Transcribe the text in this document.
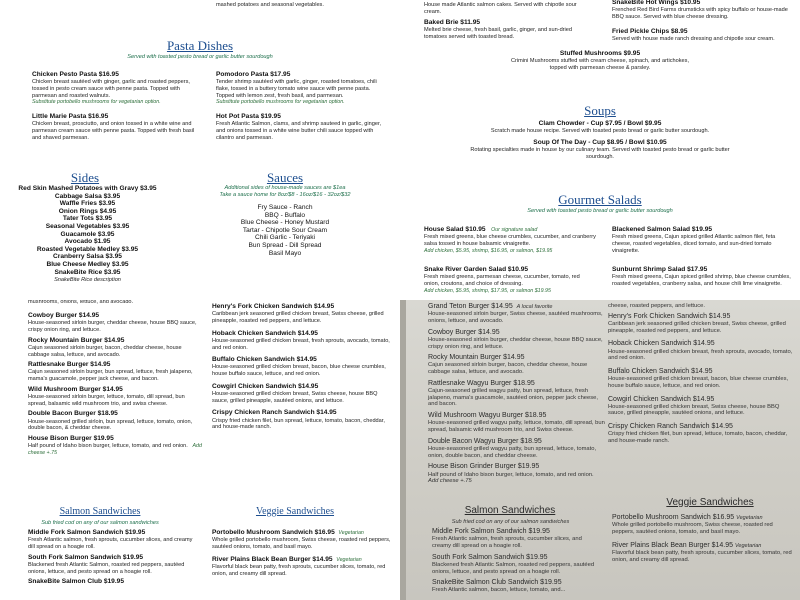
mashed potatoes and seasonal vegetables.
Pasta Dishes
Served with toasted pesto bread or garlic butter sourdough
Chicken Pesto Pasta $16.95
Chicken breast sautéed with ginger, garlic and roasted peppers, tossed in pesto cream sauce with penne pasta. Topped with parmesan and roasted walnuts.
Substitute portobello mushrooms for vegetarian option.
Pomodoro Pasta $17.95
Tender shrimp sautéed with garlic, ginger, roasted tomatoes, chili flake, tossed in a buttery tomato wine sauce with penne pasta. Topped with lemon zest, fresh basil, and parmesan.
Substitute portobello mushrooms for vegetarian option.
Little Marie Pasta $16.95
Chicken breast, prosciutto, and onion tossed in a white wine and parmesan cream sauce with penne pasta. Topped with fresh basil and shaved parmesan.
Hot Pot Pasta $19.95
Fresh Atlantic Salmon, clams, and shrimp sauteed in garlic, ginger, and onions tossed in a white wine butter chili sauce topped with cilantro and parmesan.
Sides
Red Skin Mashed Potatoes with Gravy $3.95
Cabbage Salsa $3.95
Waffle Fries $3.95
Onion Rings $4.95
Tater Tots $3.95
Seasonal Vegetables $3.95
Guacamole $3.95
Avocado $1.95
Roasted Vegetable Medley $3.95
Cranberry Salsa $3.95
Blue Cheese Medley $3.95
SnakeBite Rice $3.95
SnakeBite Rice description
Sauces
Additional sides of house-made sauces are $1ea
Take a sauce home for 8oz/$8 - 16oz/$16 - 32oz/$32
Fry Sauce - Ranch
BBQ - Buffalo
Blue Cheese - Honey Mustard
Tartar - Chipotle Sour Cream
Chili Garlic - Teriyaki
Bun Spread - Dill Spread
Basil Mayo
House made Atlantic salmon cakes. Served with chipotle sour cream.
Baked Brie $11.95
Melted brie cheese, fresh basil, garlic, ginger, and sun-dried tomatoes served with toasted bread.
SnakeBite Hot Wings $10.95
Frenched Red Bird Farms drumsticks with spicy buffalo or house-made BBQ sauce. Served with blue cheese dressing.
Fried Pickle Chips $8.95
Served with house made ranch dressing and chipotle sour cream.
Stuffed Mushrooms $9.95
Crimini Mushrooms stuffed with cream cheese, spinach, and artichokes, topped with parmesan cheese & parsley.
Soups
Clam Chowder - Cup $7.95 / Bowl $9.95
Scratch made house recipe. Served with toasted pesto bread or garlic butter sourdough.
Soup Of The Day - Cup $8.95 / Bowl $10.95
Rotating specialties made in house by our culinary team. Served with toasted pesto bread or garlic butter sourdough.
Gourmet Salads
Served with toasted pesto bread or garlic butter sourdough
House Salad $10.95 Our signature salad
Fresh mixed greens, blue cheese crumbles, cucumber, and cranberry salsa tossed in house balsamic vinaigrette.
Add chicken, $5.95, shrimp, $16.95, or salmon, $19.95
Blackened Salmon Salad $19.95
Fresh mixed greens, Cajun spiced grilled Atlantic salmon filet, feta cheese, roasted vegetables, diced tomato, and sun-dried tomato vinaigrette.
Snake River Garden Salad $10.95
Fresh mixed greens, parmesan cheese, cucumber, tomato, red onion, croutons, and choice of dressing.
Add chicken, $5.95, shrimp, $17.95, or salmon $19.95
Sunburnt Shrimp Salad $17.95
Fresh mixed greens, Cajun spiced grilled shrimp, blue cheese crumbles, roasted vegetables, cranberry salsa, and house chili lime vinaigrette.
mushrooms, onions, lettuce, and avocado.
Cowboy Burger $14.95
House-seasoned sirloin burger, cheddar cheese, house BBQ sauce, crispy onion ring, and lettuce.
Rocky Mountain Burger $14.95
Cajun seasoned sirloin burger, bacon, cheddar cheese, house cabbage salsa, lettuce, and avocado.
Rattlesnake Burger $14.95
Cajun seasoned sirloin burger, bun spread, lettuce, fresh jalapeno, mama's guacamole, pepper jack cheese, and bacon.
Wild Mushroom Burger $14.95
House-seasoned sirloin burger, lettuce, tomato, dill spread, bun spread, balsamic wild mushroom trio, and swiss cheese.
Double Bacon Burger $18.95
House-seasoned grilled sirloin, bun spread, lettuce, tomato, onion, double bacon, & cheddar cheese.
House Bison Burger $19.95
Half pound of Idaho bison burger, lettuce, tomato, and red onion. Add cheese +.75
Henry's Fork Chicken Sandwich $14.95
Caribbean jerk seasoned grilled chicken breast, Swiss cheese, grilled pineapple, roasted red peppers, and lettuce.
Hoback Chicken Sandwich $14.95
House-seasoned grilled chicken breast, fresh sprouts, avocado, tomato, and red onion.
Buffalo Chicken Sandwich $14.95
House-seasoned grilled chicken breast, bacon, blue cheese crumbles, house buffalo sauce, lettuce, and red onion.
Cowgirl Chicken Sandwich $14.95
House-seasoned grilled chicken breast, Swiss cheese, house BBQ sauce, grilled pineapple, sautéed onions, and lettuce.
Crispy Chicken Ranch Sandwich $14.95
Crispy fried chicken filet, bun spread, lettuce, tomato, bacon, cheddar, and house-made ranch.
Salmon Sandwiches
Sub fried cod on any of our salmon sandwiches
Middle Fork Salmon Sandwich $19.95
Fresh Atlantic salmon, fresh sprouts, cucumber slices, and creamy dill spread on a hoagie roll.
South Fork Salmon Sandwich $19.95
Blackened fresh Atlantic Salmon, roasted red peppers, sautéed onions, lettuce, and pesto spread on a hoagie roll.
SnakeBite Salmon Club $19.95
Veggie Sandwiches
Portobello Mushroom Sandwich $16.95 Vegetarian
Whole grilled portobello mushroom, Swiss cheese, roasted red peppers, sautéed onions, tomato, and basil mayo.
River Plains Black Bean Burger $14.95 Vegetarian
Flavorful black bean patty, fresh sprouts, cucumber slices, tomato, red onion, and creamy dill spread.
Grand Teton Burger $14.95 A local favorite
House-seasoned sirloin burger, Swiss cheese, sautéed mushrooms, onions, lettuce, and avocado.
Cowboy Burger $14.95
House-seasoned sirloin burger, cheddar cheese, house BBQ sauce, crispy onion ring, and lettuce.
Rocky Mountain Burger $14.95
Cajun seasoned sirloin burger, bacon, cheddar cheese, house cabbage salsa, lettuce, and avocado.
Rattlesnake Wagyu Burger $18.95
Cajun-seasoned grilled wagyu patty, bun spread, lettuce, fresh jalapeno, mama's guacamole, sautéed onion, pepper jack cheese, and bacon.
Wild Mushroom Wagyu Burger $18.95
House-seasoned grilled wagyu patty, lettuce, tomato, dill spread, bun spread, balsamic wild mushroom trio, and Swiss cheese.
Double Bacon Wagyu Burger $18.95
House-seasoned grilled wagyu patty, bun spread, lettuce, tomato, onion, double bacon, and cheddar cheese.
House Bison Grinder Burger $19.95
Half pound of Idaho bison burger, lettuce, tomato, and red onion.
Add cheese +.75
cheese, roasted peppers, and lettuce.
Henry's Fork Chicken Sandwich $14.95
Caribbean jerk seasoned grilled chicken breast, Swiss cheese, grilled pineapple, roasted red peppers, and lettuce.
Hoback Chicken Sandwich $14.95
House-seasoned grilled chicken breast, fresh sprouts, avocado, tomato, and red onion.
Buffalo Chicken Sandwich $14.95
House-seasoned grilled chicken breast, bacon, blue cheese crumbles, house buffalo sauce, lettuce, and red onion.
Cowgirl Chicken Sandwich $14.95
House-seasoned grilled chicken breast, Swiss cheese, house BBQ sauce, grilled pineapple, sautéed onions, and lettuce.
Crispy Chicken Ranch Sandwich $14.95
Crispy fried chicken filet, bun spread, lettuce, tomato, bacon, cheddar, and house-made ranch.
Salmon Sandwiches
Sub fried cod on any of our salmon sandwiches
Middle Fork Salmon Sandwich $19.95
Fresh Atlantic salmon, fresh sprouts, cucumber slices, and creamy dill spread on a hoagie roll.
South Fork Salmon Sandwich $19.95
Blackened fresh Atlantic Salmon, roasted red peppers, sautéed onions, lettuce, and pesto spread on a hoagie roll.
SnakeBite Salmon Club Sandwich $19.95
Fresh Atlantic salmon, bacon, lettuce, tomato, and...
Veggie Sandwiches
Portobello Mushroom Sandwich $16.95 Vegetarian
Whole grilled portobello mushroom, Swiss cheese, roasted red peppers, sautéed onions, tomato, and basil mayo.
River Plains Black Bean Burger $14.95 Vegetarian
Flavorful black bean patty, fresh sprouts, cucumber slices, tomato, red onion, and creamy dill spread.
